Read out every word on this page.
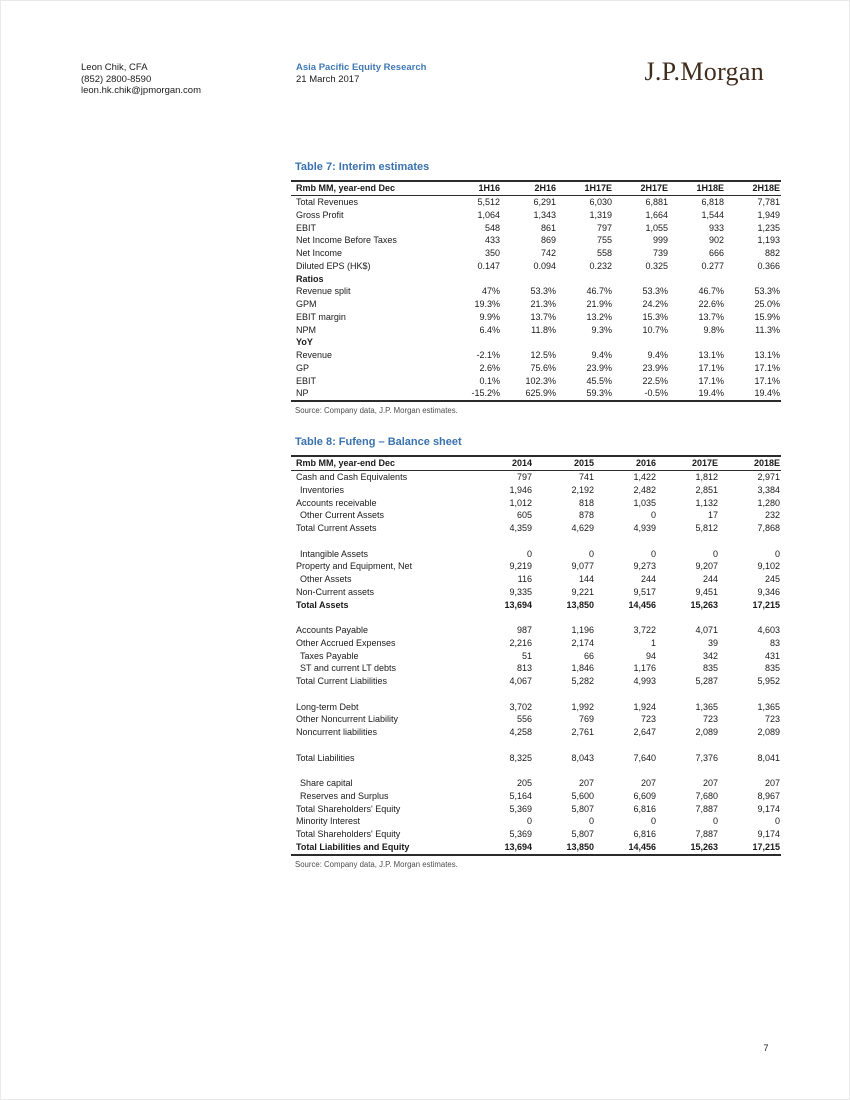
Leon Chik, CFA
(852) 2800-8590
leon.hk.chik@jpmorgan.com
Asia Pacific Equity Research
21 March 2017	J.P.Morgan
Table 7: Interim estimates
Rmb MM, year-end Dec	1H16	2H16	1H17E	2H17E	1H18E	2H18E
Total Revenues	5,512	6,291	6,030	6,881	6,818	7,781
Gross Profit	1,064	1,343	1,319	1,664	1,544	1,949
EBIT	548	861	797	1,055	933	1,235
Net Income Before Taxes	433	869	755	999	902	1,193
Net Income	350	742	558	739	666	882
Diluted EPS (HK$)	0.147	0.094	0.232	0.325	0.277	0.366
Ratios						
Revenue split	47%	53.3%	46.7%	53.3%	46.7%	53.3%
GPM	19.3%	21.3%	21.9%	24.2%	22.6%	25.0%
EBIT margin	9.9%	13.7%	13.2%	15.3%	13.7%	15.9%
NPM	6.4%	11.8%	9.3%	10.7%	9.8%	11.3%
YoY						
Revenue	-2.1%	12.5%	9.4%	9.4%	13.1%	13.1%
GP	2.6%	75.6%	23.9%	23.9%	17.1%	17.1%
EBIT	0.1%	102.3%	45.5%	22.5%	17.1%	17.1%
NP	-15.2%	625.9%	59.3%	-0.5%	19.4%	19.4%
Source: Company data, J.P. Morgan estimates.
Table 8: Fufeng – Balance sheet
Rmb MM, year-end Dec	2014	2015	2016	2017E	2018E
Cash and Cash Equivalents	797	741	1,422	1,812	2,971
Inventories	1,946	2,192	2,482	2,851	3,384
Accounts receivable	1,012	818	1,035	1,132	1,280
Other Current Assets	605	878	0	17	232
Total Current Assets	4,359	4,629	4,939	5,812	7,868

Intangible Assets	0	0	0	0	0
Property and Equipment, Net	9,219	9,077	9,273	9,207	9,102
Other Assets	116	144	244	244	245
Non-Current assets	9,335	9,221	9,517	9,451	9,346
Total Assets	13,694	13,850	14,456	15,263	17,215

Accounts Payable	987	1,196	3,722	4,071	4,603
Other Accrued Expenses	2,216	2,174	1	39	83
Taxes Payable	51	66	94	342	431
ST and current LT debts	813	1,846	1,176	835	835
Total Current Liabilities	4,067	5,282	4,993	5,287	5,952

Long-term Debt	3,702	1,992	1,924	1,365	1,365
Other Noncurrent Liability	556	769	723	723	723
Noncurrent liabilities	4,258	2,761	2,647	2,089	2,089

Total Liabilities	8,325	8,043	7,640	7,376	8,041

Share capital	205	207	207	207	207
Reserves and Surplus	5,164	5,600	6,609	7,680	8,967
Total Shareholders' Equity	5,369	5,807	6,816	7,887	9,174
Minority Interest	0	0	0	0	0
Total Shareholders' Equity	5,369	5,807	6,816	7,887	9,174
Total Liabilities and Equity	13,694	13,850	14,456	15,263	17,215
Source: Company data, J.P. Morgan estimates.
7
